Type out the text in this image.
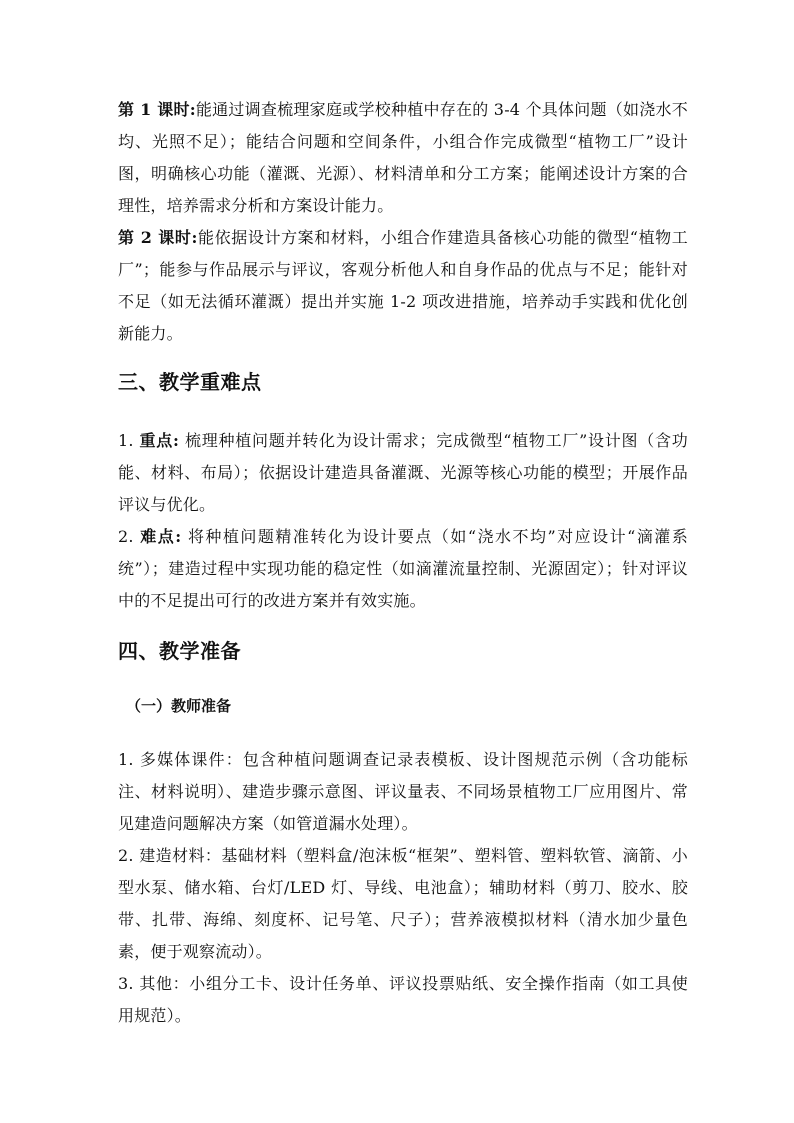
第 1 课时:能通过调查梳理家庭或学校种植中存在的 3-4 个具体问题（如浇水不均、光照不足）；能结合问题和空间条件，小组合作完成微型“植物工厂”设计图，明确核心功能（灌溉、光源）、材料清单和分工方案；能阐述设计方案的合理性，培养需求分析和方案设计能力。

第 2 课时:能依据设计方案和材料，小组合作建造具备核心功能的微型“植物工厂”；能参与作品展示与评议，客观分析他人和自身作品的优点与不足；能针对不足（如无法循环灌溉）提出并实施 1-2 项改进措施，培养动手实践和优化创新能力。

三、教学重难点

1. 重点: 梳理种植问题并转化为设计需求；完成微型“植物工厂”设计图（含功能、材料、布局）；依据设计建造具备灌溉、光源等核心功能的模型；开展作品评议与优化。

2. 难点: 将种植问题精准转化为设计要点（如“浇水不均”对应设计“滴灌系统”）；建造过程中实现功能的稳定性（如滴灌流量控制、光源固定）；针对评议中的不足提出可行的改进方案并有效实施。

四、教学准备
（一）教师准备

1. 多媒体课件：包含种植问题调查记录表模板、设计图规范示例（含功能标注、材料说明）、建造步骤示意图、评议量表、不同场景植物工厂应用图片、常见建造问题解决方案（如管道漏水处理）。

2. 建造材料：基础材料（塑料盒/泡沫板“框架”、塑料管、塑料软管、滴箭、小型水泵、储水箱、台灯/LED 灯、导线、电池盒）；辅助材料（剪刀、胶水、胶带、扎带、海绵、刻度杯、记号笔、尺子）；营养液模拟材料（清水加少量色素，便于观察流动）。

3. 其他：小组分工卡、设计任务单、评议投票贴纸、安全操作指南（如工具使用规范）。
